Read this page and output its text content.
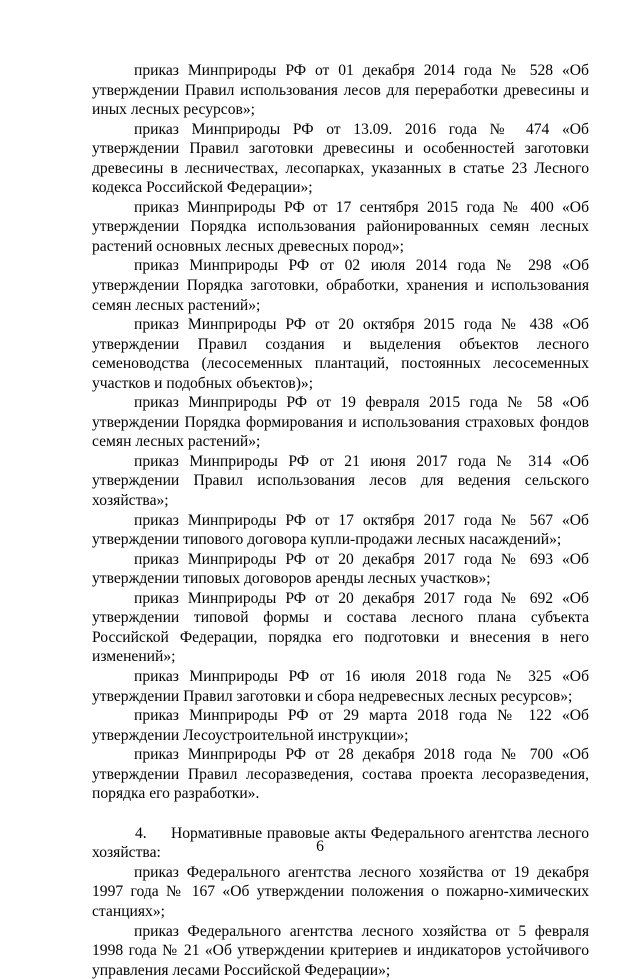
приказ Минприроды РФ от 01 декабря 2014 года № 528 «Об утверждении Правил использования лесов для переработки древесины и иных лесных ресурсов»;

приказ Минприроды РФ от 13.09. 2016 года № 474 «Об утверждении Правил заготовки древесины и особенностей заготовки древесины в лесничествах, лесопарках, указанных в статье 23 Лесного кодекса Российской Федерации»;

приказ Минприроды РФ от 17 сентября 2015 года № 400 «Об утверждении Порядка использования районированных семян лесных растений основных лесных древесных пород»;

приказ Минприроды РФ от 02 июля 2014 года № 298 «Об утверждении Порядка заготовки, обработки, хранения и использования семян лесных растений»;

приказ Минприроды РФ от 20 октября 2015 года № 438 «Об утверждении Правил создания и выделения объектов лесного семеноводства (лесосеменных плантаций, постоянных лесосеменных участков и подобных объектов)»;

приказ Минприроды РФ от 19 февраля 2015 года № 58 «Об утверждении Порядка формирования и использования страховых фондов семян лесных растений»;

приказ Минприроды РФ от 21 июня 2017 года № 314 «Об утверждении Правил использования лесов для ведения сельского хозяйства»;

приказ Минприроды РФ от 17 октября 2017 года № 567 «Об утверждении типового договора купли-продажи лесных насаждений»;

приказ Минприроды РФ от 20 декабря 2017 года № 693 «Об утверждении типовых договоров аренды лесных участков»;

приказ Минприроды РФ от 20 декабря 2017 года № 692 «Об утверждении типовой формы и состава лесного плана субъекта Российской Федерации, порядка его подготовки и внесения в него изменений»;

приказ Минприроды РФ от 16 июля 2018 года № 325 «Об утверждении Правил заготовки и сбора недревесных лесных ресурсов»;

приказ Минприроды РФ от 29 марта 2018 года № 122 «Об утверждении Лесоустроительной инструкции»;

приказ Минприроды РФ от 28 декабря 2018 года № 700 «Об утверждении Правил лесоразведения, состава проекта лесоразведения, порядка его разработки».

4. Нормативные правовые акты Федерального агентства лесного хозяйства:

приказ Федерального агентства лесного хозяйства от 19 декабря 1997 года № 167 «Об утверждении положения о пожарно-химических станциях»;

приказ Федерального агентства лесного хозяйства от 5 февраля 1998 года № 21 «Об утверждении критериев и индикаторов устойчивого управления лесами Российской Федерации»;

6
